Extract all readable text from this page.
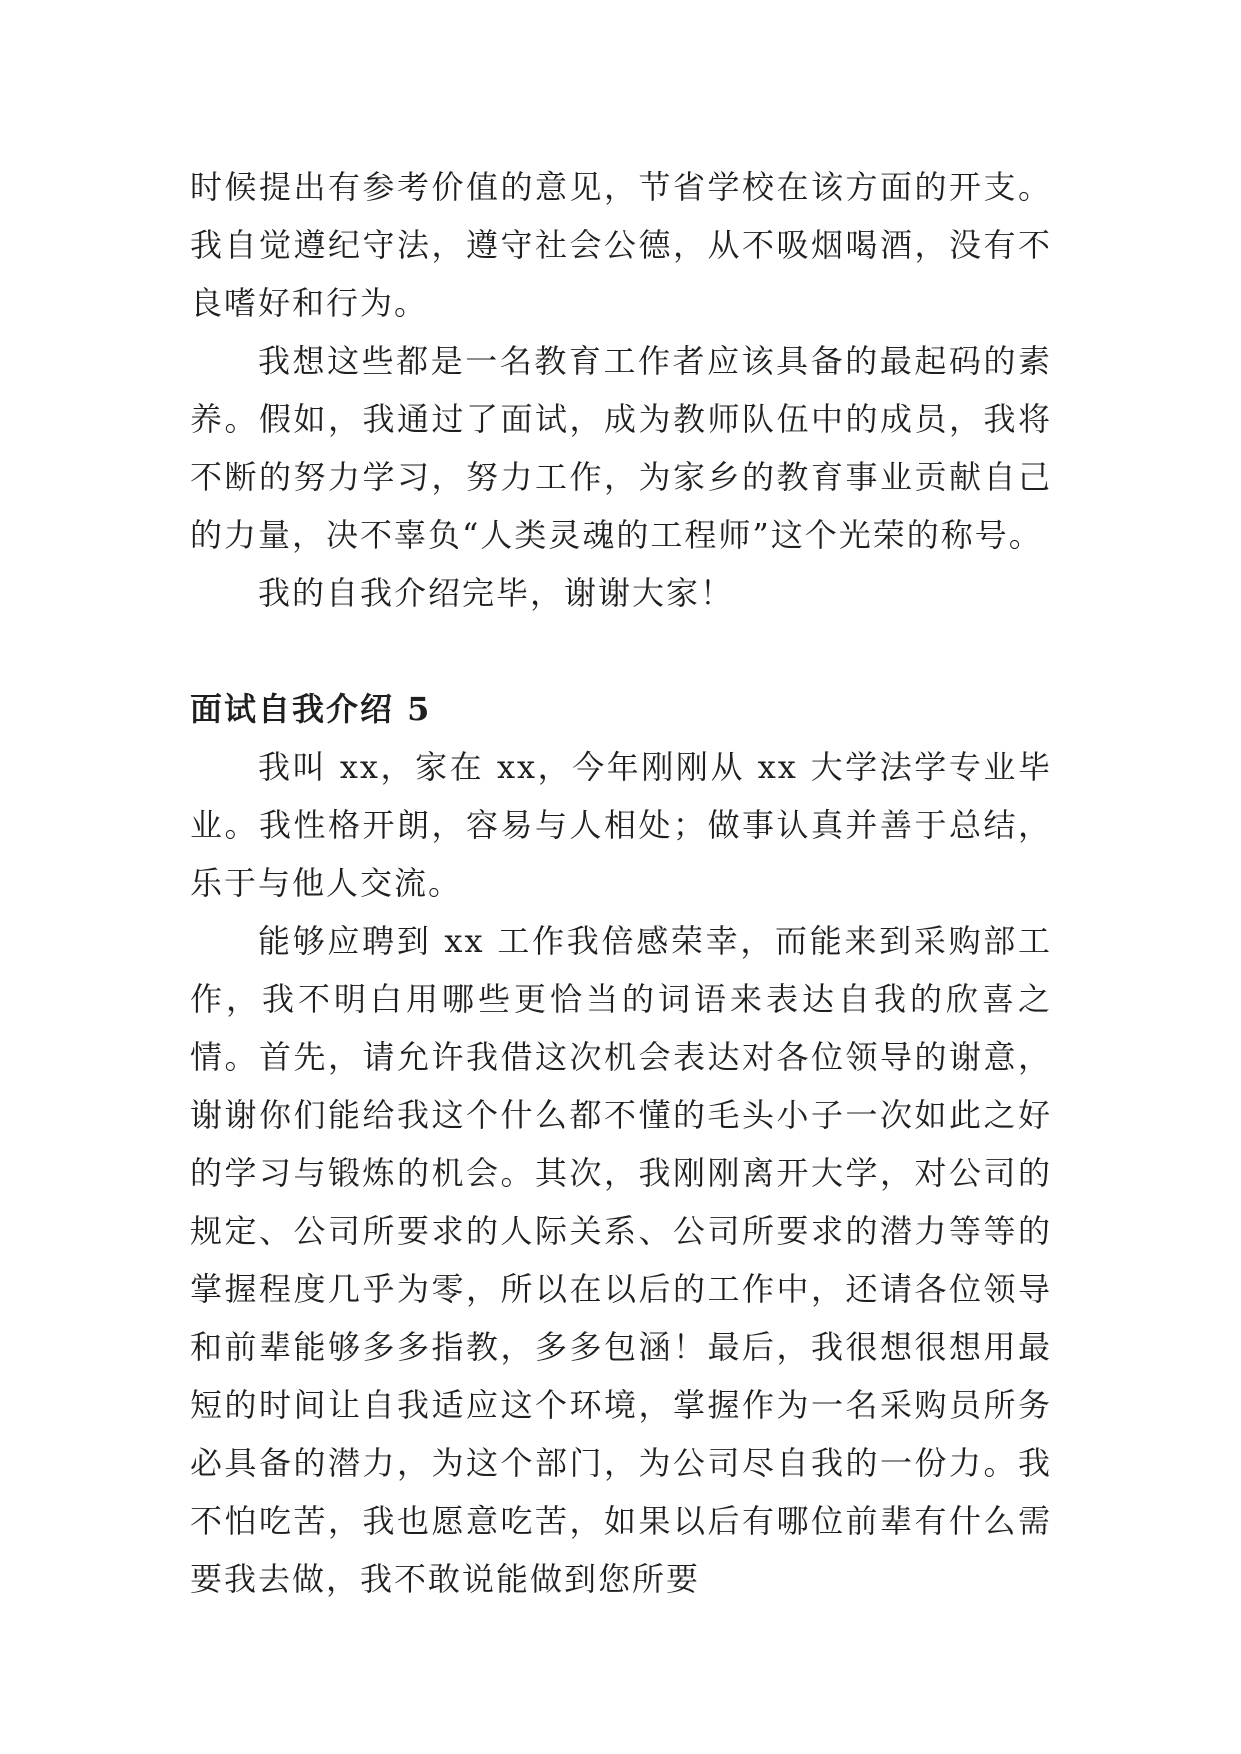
时候提出有参考价值的意见，节省学校在该方面的开支。我自觉遵纪守法，遵守社会公德，从不吸烟喝酒，没有不良嗜好和行为。

我想这些都是一名教育工作者应该具备的最起码的素养。假如，我通过了面试，成为教师队伍中的成员，我将不断的努力学习，努力工作，为家乡的教育事业贡献自己的力量，决不辜负“人类灵魂的工程师”这个光荣的称号。

我的自我介绍完毕，谢谢大家！

面试自我介绍 5

我叫 xx，家在 xx，今年刚刚从 xx 大学法学专业毕业。我性格开朗，容易与人相处；做事认真并善于总结，乐于与他人交流。

能够应聘到 xx 工作我倍感荣幸，而能来到采购部工作，我不明白用哪些更恰当的词语来表达自我的欣喜之情。首先，请允许我借这次机会表达对各位领导的谢意，谢谢你们能给我这个什么都不懂的毛头小子一次如此之好的学习与锻炼的机会。其次，我刚刚离开大学，对公司的规定、公司所要求的人际关系、公司所要求的潜力等等的掌握程度几乎为零，所以在以后的工作中，还请各位领导和前辈能够多多指教，多多包涵！最后，我很想很想用最短的时间让自我适应这个环境，掌握作为一名采购员所务必具备的潜力，为这个部门，为公司尽自我的一份力。我不怕吃苦，我也愿意吃苦，如果以后有哪位前辈有什么需要我去做，我不敢说能做到您所要
